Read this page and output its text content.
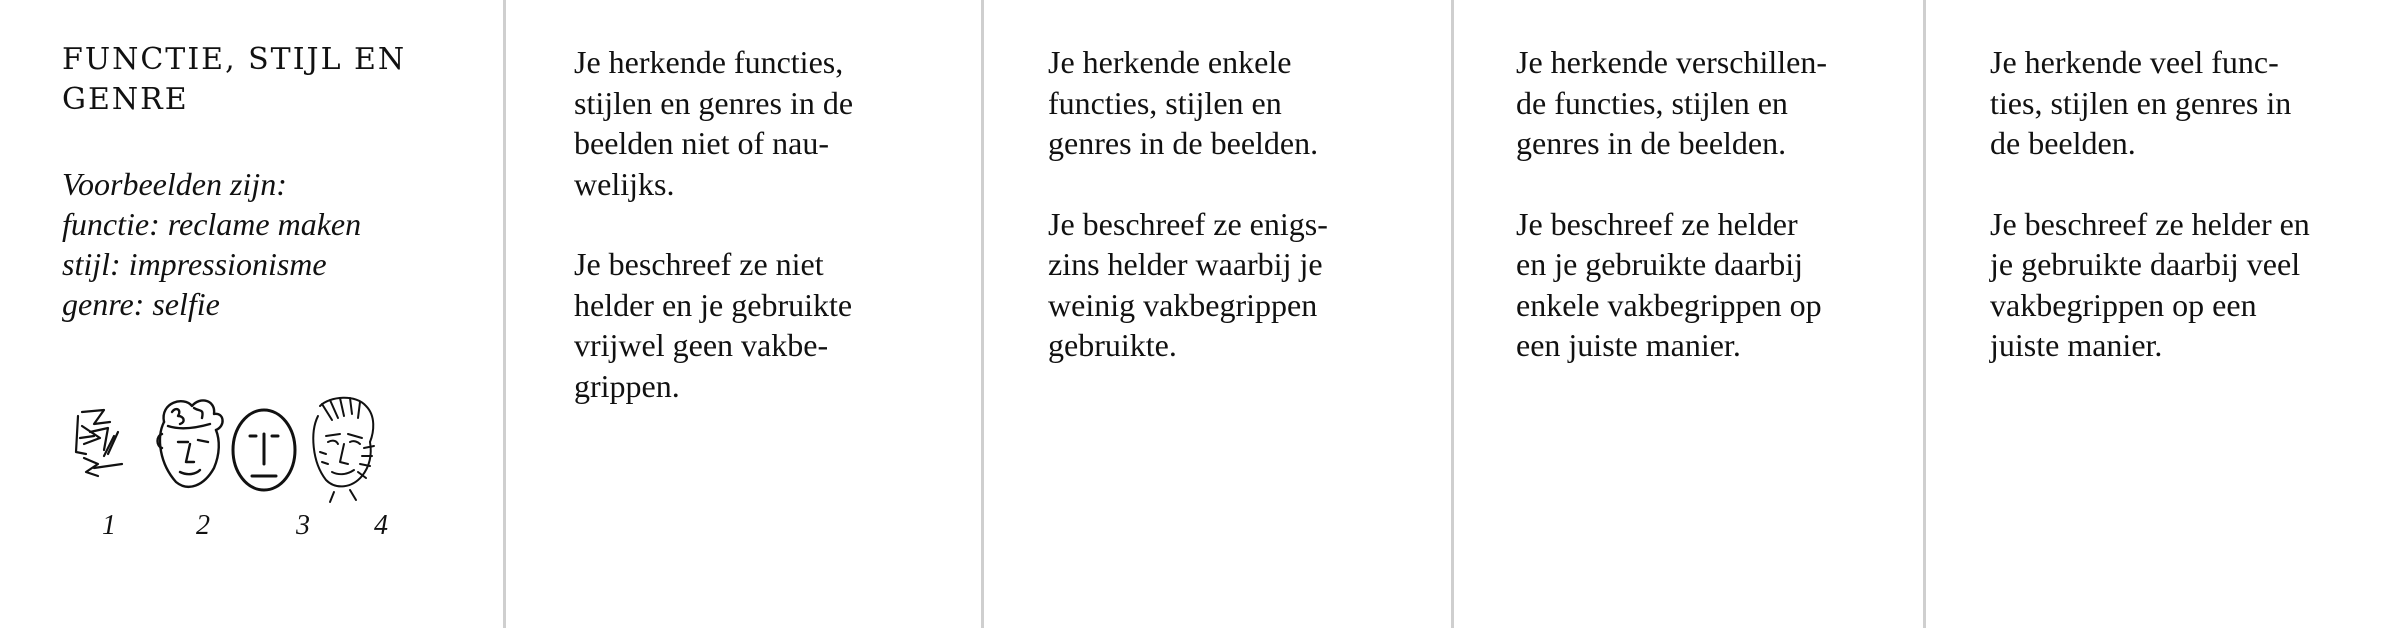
FUNCTIE, STIJL EN
GENRE
Voorbeelden zijn:
functie: reclame maken
stijl: impressionisme
genre: selfie
1	2	3 4

Je herkende functies,
stijlen en genres in de
beelden niet of nau-
welijks.

Je beschreef ze niet
helder en je gebruikte
vrijwel geen vakbe-
grippen.

Je herkende enkele
functies, stijlen en
genres in de beelden.

Je beschreef ze enigs-
zins helder waarbij je
weinig vakbegrippen
gebruikte.

Je herkende verschillen-
de functies, stijlen en
genres in de beelden.

Je beschreef ze helder
en je gebruikte daarbij
enkele vakbegrippen op
een juiste manier.

Je herkende veel func-
ties, stijlen en genres in
de beelden.

Je beschreef ze helder en
je gebruikte daarbij veel
vakbegrippen op een
juiste manier.
